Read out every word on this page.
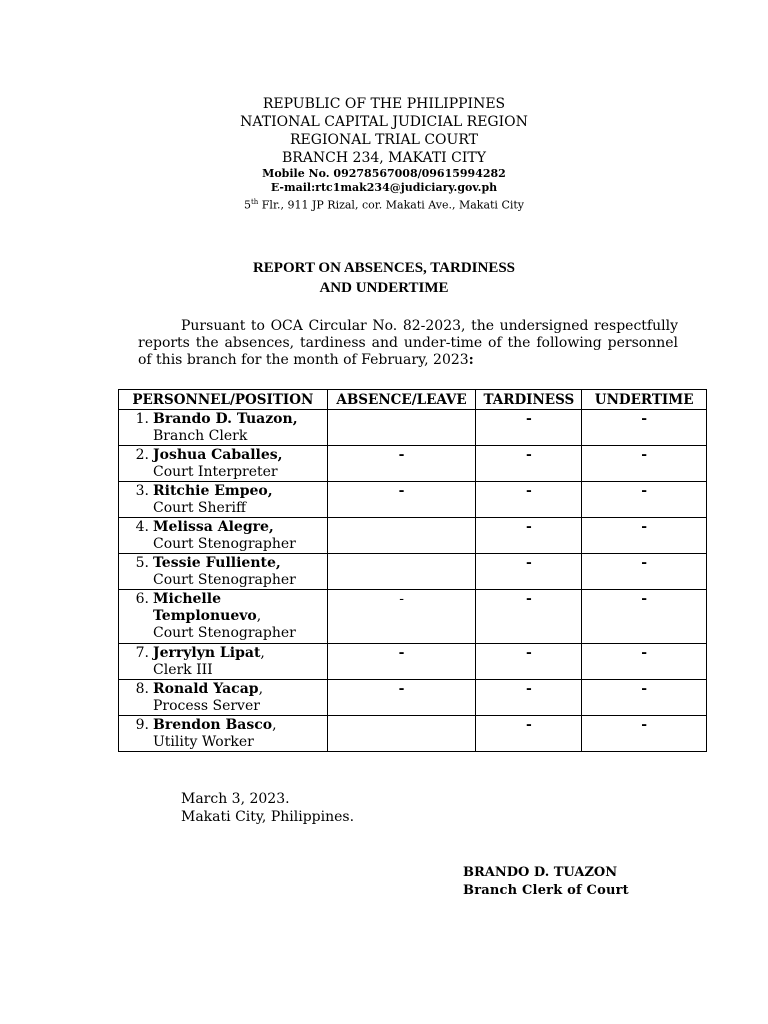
REPUBLIC OF THE PHILIPPINES
NATIONAL CAPITAL JUDICIAL REGION
REGIONAL TRIAL COURT
BRANCH 234, MAKATI CITY
Mobile No. 09278567008/09615994282
E-mail:rtc1mak234@judiciary.gov.ph
5th Flr., 911 JP Rizal, cor. Makati Ave., Makati City
REPORT ON ABSENCES, TARDINESS
AND UNDERTIME
Pursuant to OCA Circular No. 82-2023, the undersigned respectfully reports the absences, tardiness and under-time of the following personnel of this branch for the month of February, 2023:
PERSONNEL/POSITION	ABSENCE/LEAVE	TARDINESS	UNDERTIME

1. Brando D. Tuazon,
Branch Clerk		-	-

2. Joshua Caballes,
Court Interpreter	-	-	-

3. Ritchie Empeo,
Court Sheriff	-	-	-

4. Melissa Alegre,
Court Stenographer		-	-

5. Tessie Fulliente,
Court Stenographer		-	-

6. Michelle
Templonuevo,
Court Stenographer	-	-	-

7. Jerrylyn Lipat,
Clerk III	-	-	-

8. Ronald Yacap,
Process Server	-	-	-

9. Brendon Basco,
Utility Worker		-	-
March 3, 2023.
Makati City, Philippines.
BRANDO D. TUAZON
Branch Clerk of Court
